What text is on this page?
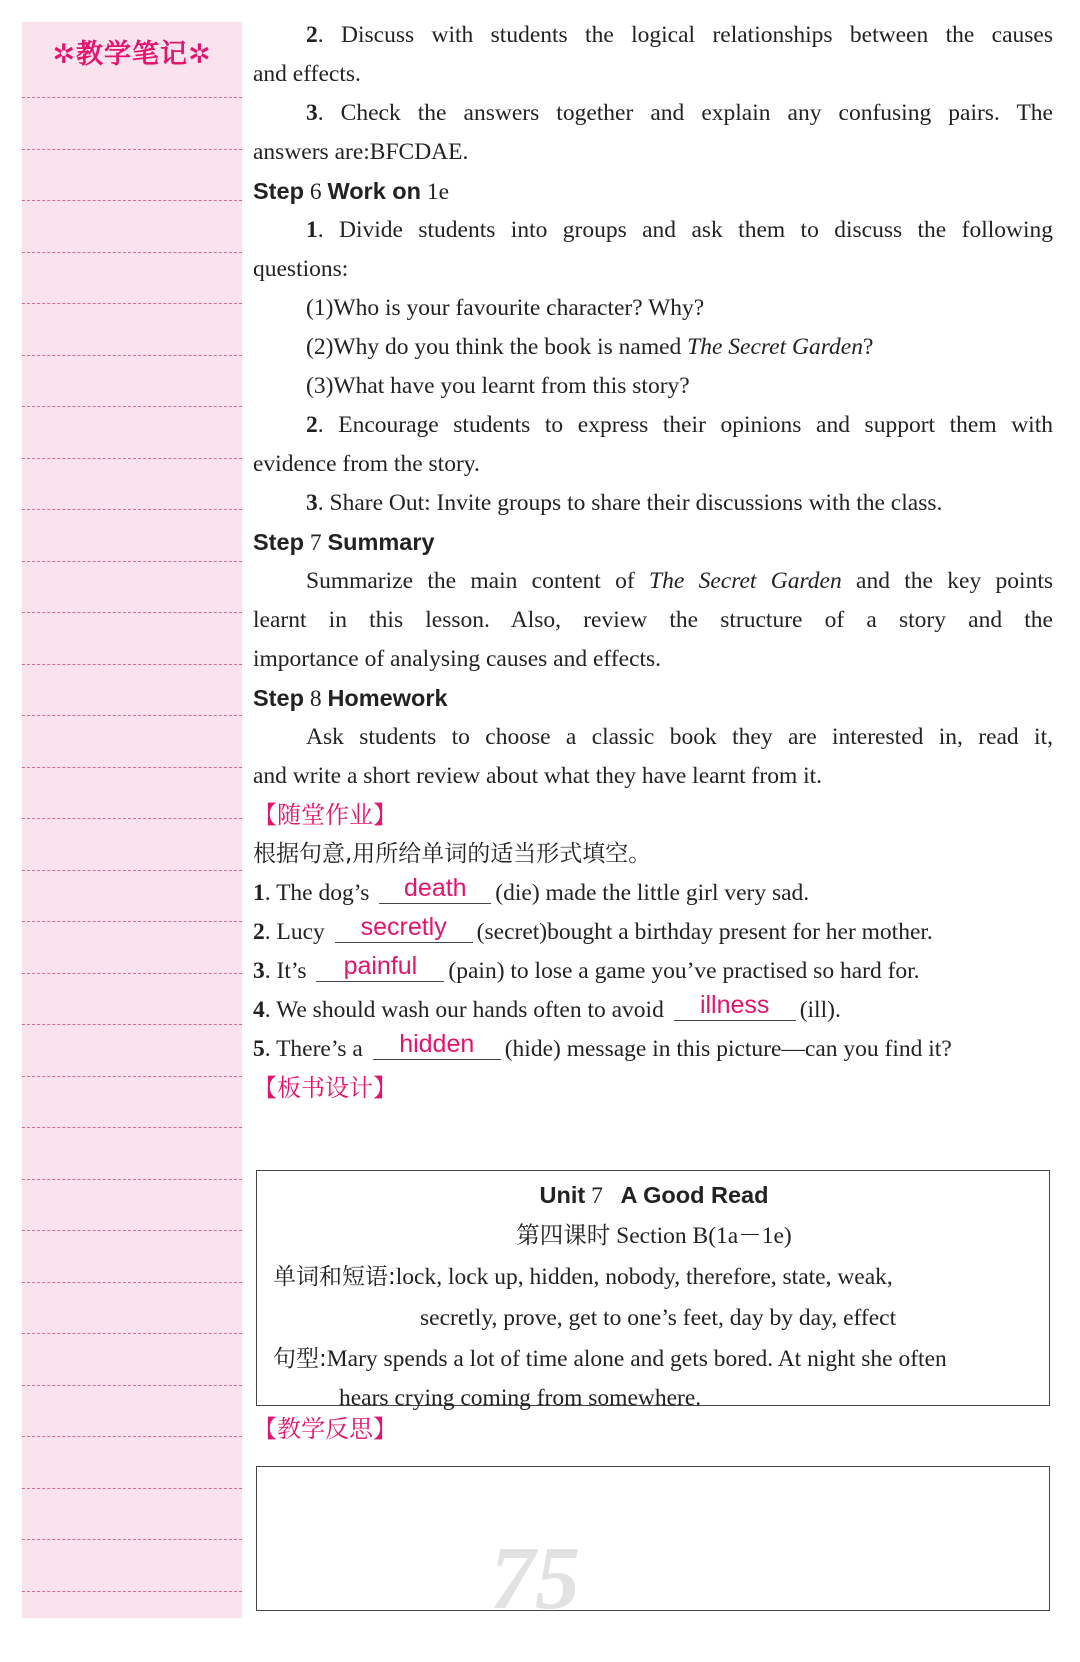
✲教学笔记✲
2. Discuss with students the logical relationships between the causes
and effects.
3. Check the answers together and explain any confusing pairs. The
answers are:BFCDAE.
Step 6 Work on 1e
1. Divide students into groups and ask them to discuss the following
questions:
(1)Who is your favourite character? Why?
(2)Why do you think the book is named The Secret Garden?
(3)What have you learnt from this story?
2. Encourage students to express their opinions and support them with
evidence from the story.
3. Share Out: Invite groups to share their discussions with the class.
Step 7 Summary
Summarize the main content of The Secret Garden and the key points
learnt in this lesson. Also, review the structure of a story and the
importance of analysing causes and effects.
Step 8 Homework
Ask students to choose a classic book they are interested in, read it,
and write a short review about what they have learnt from it.
【随堂作业】
根据句意,用所给单词的适当形式填空。
1. The dog’s death (die) made the little girl very sad.
2. Lucy secretly (secret)bought a birthday present for her mother.
3. It’s painful (pain) to lose a game you’ve practised so hard for.
4. We should wash our hands often to avoid illness (ill).
5. There’s a hidden (hide) message in this picture—can you find it?
【板书设计】
【教学反思】
Unit 7 A Good Read
第四课时 Section B(1a－1e)
单词和短语:lock, lock up, hidden, nobody, therefore, state, weak,
secretly, prove, get to one’s feet, day by day, effect
句型:Mary spends a lot of time alone and gets bored. At night she often
hears crying coming from somewhere.
75
